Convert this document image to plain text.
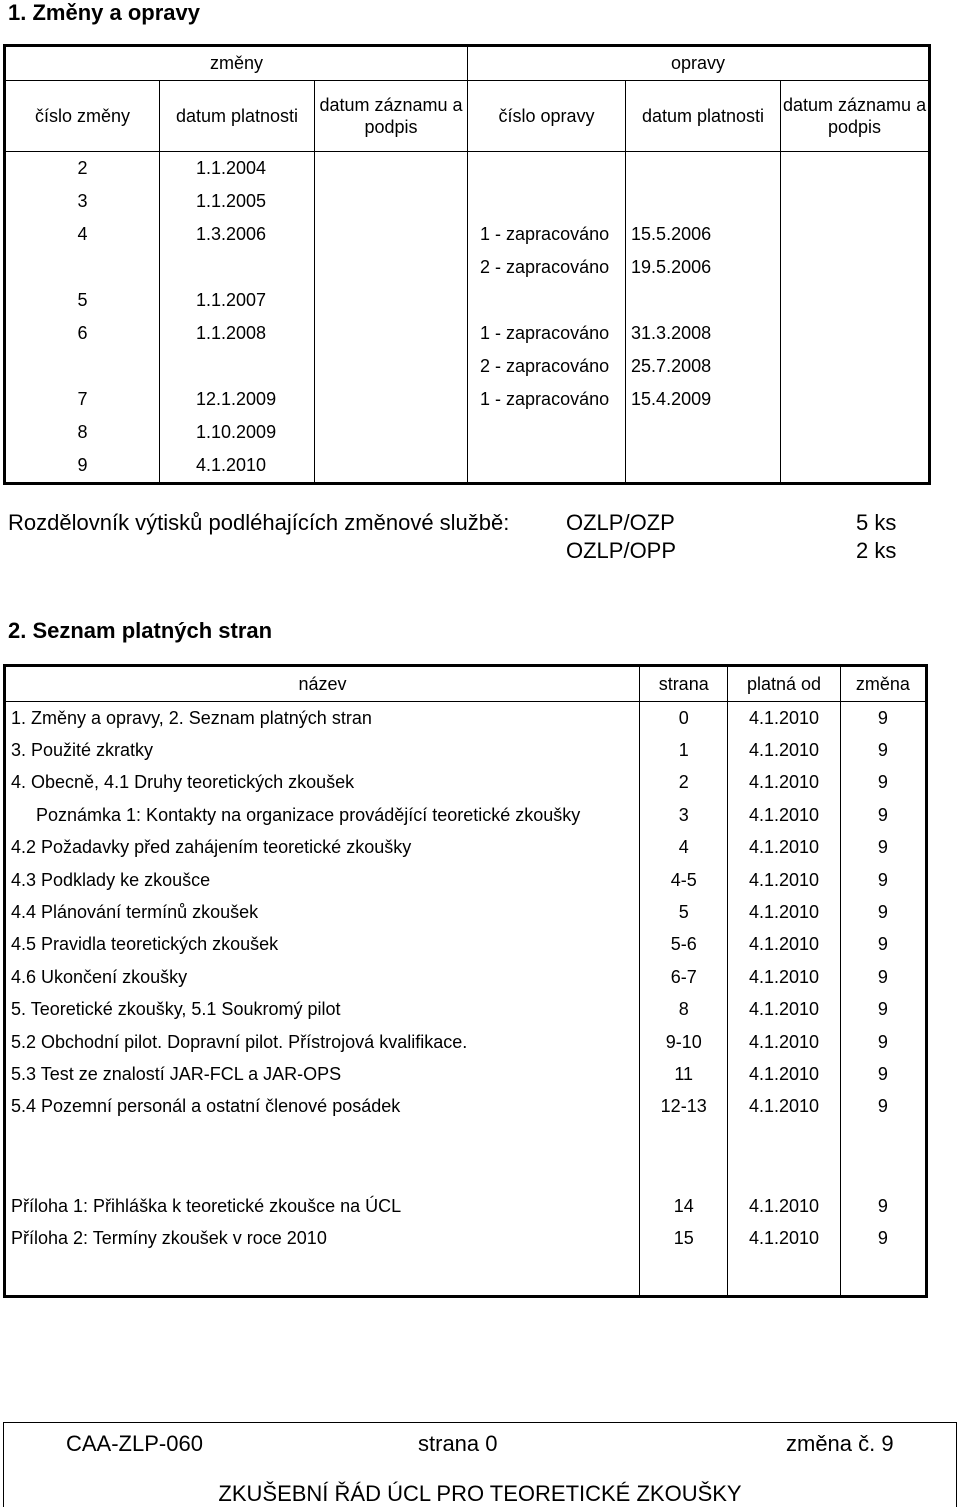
1. Změny a opravy
změny			opravy		
číslo změny	datum platnosti	datum záznamu a podpis	číslo opravy	datum platnosti	datum záznamu a podpis
2	1.1.2004				
3	1.1.2005				
4	1.3.2006		1 - zapracováno	15.5.2006	
			2 - zapracováno	19.5.2006	
5	1.1.2007				
6	1.1.2008		1 - zapracováno	31.3.2008	
			2 - zapracováno	25.7.2008	
7	12.1.2009		1 - zapracováno	15.4.2009	
8	1.10.2009				
9	4.1.2010				
Rozdělovník výtisků podléhajících změnové službě:	OZLP/OZP	5 ks
OZLP/OPP	2 ks
2. Seznam platných stran
název	strana	platná od	změna
1. Změny a opravy, 2. Seznam platných stran	0	4.1.2010	9
3. Použité zkratky	1	4.1.2010	9
4. Obecně, 4.1 Druhy teoretických zkoušek	2	4.1.2010	9
Poznámka 1: Kontakty na organizace provádějící teoretické zkoušky	3	4.1.2010	9
4.2 Požadavky před zahájením teoretické zkoušky	4	4.1.2010	9
4.3 Podklady ke zkoušce	4-5	4.1.2010	9
4.4 Plánování termínů zkoušek	5	4.1.2010	9
4.5 Pravidla teoretických zkoušek	5-6	4.1.2010	9
4.6 Ukončení zkoušky	6-7	4.1.2010	9
5. Teoretické zkoušky, 5.1 Soukromý pilot	8	4.1.2010	9
5.2 Obchodní pilot. Dopravní pilot. Přístrojová kvalifikace.	9-10	4.1.2010	9
5.3 Test ze znalostí JAR-FCL a JAR-OPS	11	4.1.2010	9
5.4 Pozemní personál a ostatní členové posádek	12-13	4.1.2010	9

Příloha 1: Přihláška k teoretické zkoušce na ÚCL	14	4.1.2010	9
Příloha 2: Termíny zkoušek v roce 2010	15	4.1.2010	9

CAA-ZLP-060	strana 0	změna č. 9
ZKUŠEBNÍ ŘÁD ÚCL PRO TEORETICKÉ ZKOUŠKY
